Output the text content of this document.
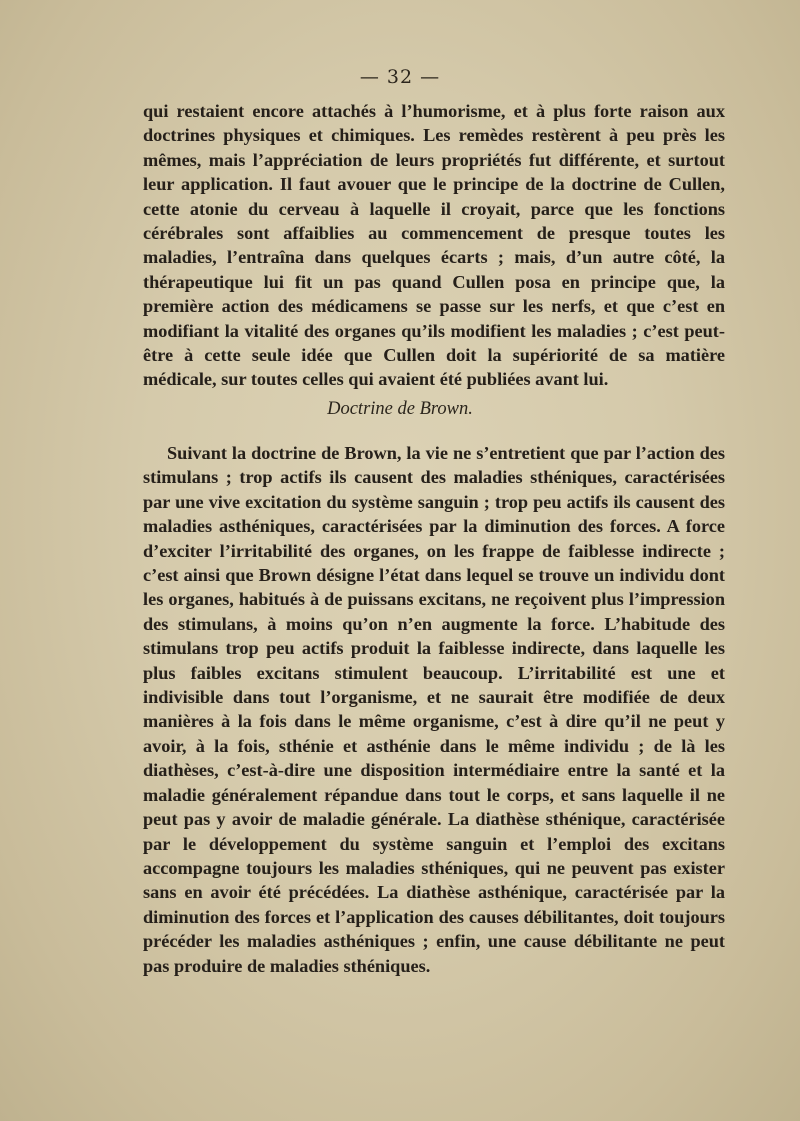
— 32 —

qui restaient encore attachés à l’humorisme, et à plus forte raison aux doctrines physiques et chimiques. Les remèdes restèrent à peu près les mêmes, mais l’appréciation de leurs propriétés fut différente, et surtout leur application. Il faut avouer que le principe de la doctrine de Cullen, cette atonie du cerveau à laquelle il croyait, parce que les fonctions cérébrales sont affaiblies au commencement de presque toutes les maladies, l’entraîna dans quelques écarts ; mais, d’un autre côté, la thérapeutique lui fit un pas quand Cullen posa en principe que, la première action des médicamens se passe sur les nerfs, et que c’est en modifiant la vitalité des organes qu’ils modifient les maladies ; c’est peut-être à cette seule idée que Cullen doit la supériorité de sa matière médicale, sur toutes celles qui avaient été publiées avant lui.

Doctrine de Brown.

Suivant la doctrine de Brown, la vie ne s’entretient que par l’action des stimulans ; trop actifs ils causent des maladies sthéniques, caractérisées par une vive excitation du système sanguin ; trop peu actifs ils causent des maladies asthéniques, caractérisées par la diminution des forces. A force d’exciter l’irritabilité des organes, on les frappe de faiblesse indirecte ; c’est ainsi que Brown désigne l’état dans lequel se trouve un individu dont les organes, habitués à de puissans excitans, ne reçoivent plus l’impression des stimulans, à moins qu’on n’en augmente la force. L’habitude des stimulans trop peu actifs produit la faiblesse indirecte, dans laquelle les plus faibles excitans stimulent beaucoup. L’irritabilité est une et indivisible dans tout l’organisme, et ne saurait être modifiée de deux manières à la fois dans le même organisme, c’est à dire qu’il ne peut y avoir, à la fois, sthénie et asthénie dans le même individu ; de là les diathèses, c’est-à-dire une disposition intermédiaire entre la santé et la maladie généralement répandue dans tout le corps, et sans laquelle il ne peut pas y avoir de maladie générale. La diathèse sthénique, caractérisée par le développement du système sanguin et l’emploi des excitans accompagne toujours les maladies sthéniques, qui ne peuvent pas exister sans en avoir été précédées. La diathèse asthénique, caractérisée par la diminution des forces et l’application des causes débilitantes, doit toujours précéder les maladies asthéniques ; enfin, une cause débilitante ne peut pas produire de maladies sthéniques.
